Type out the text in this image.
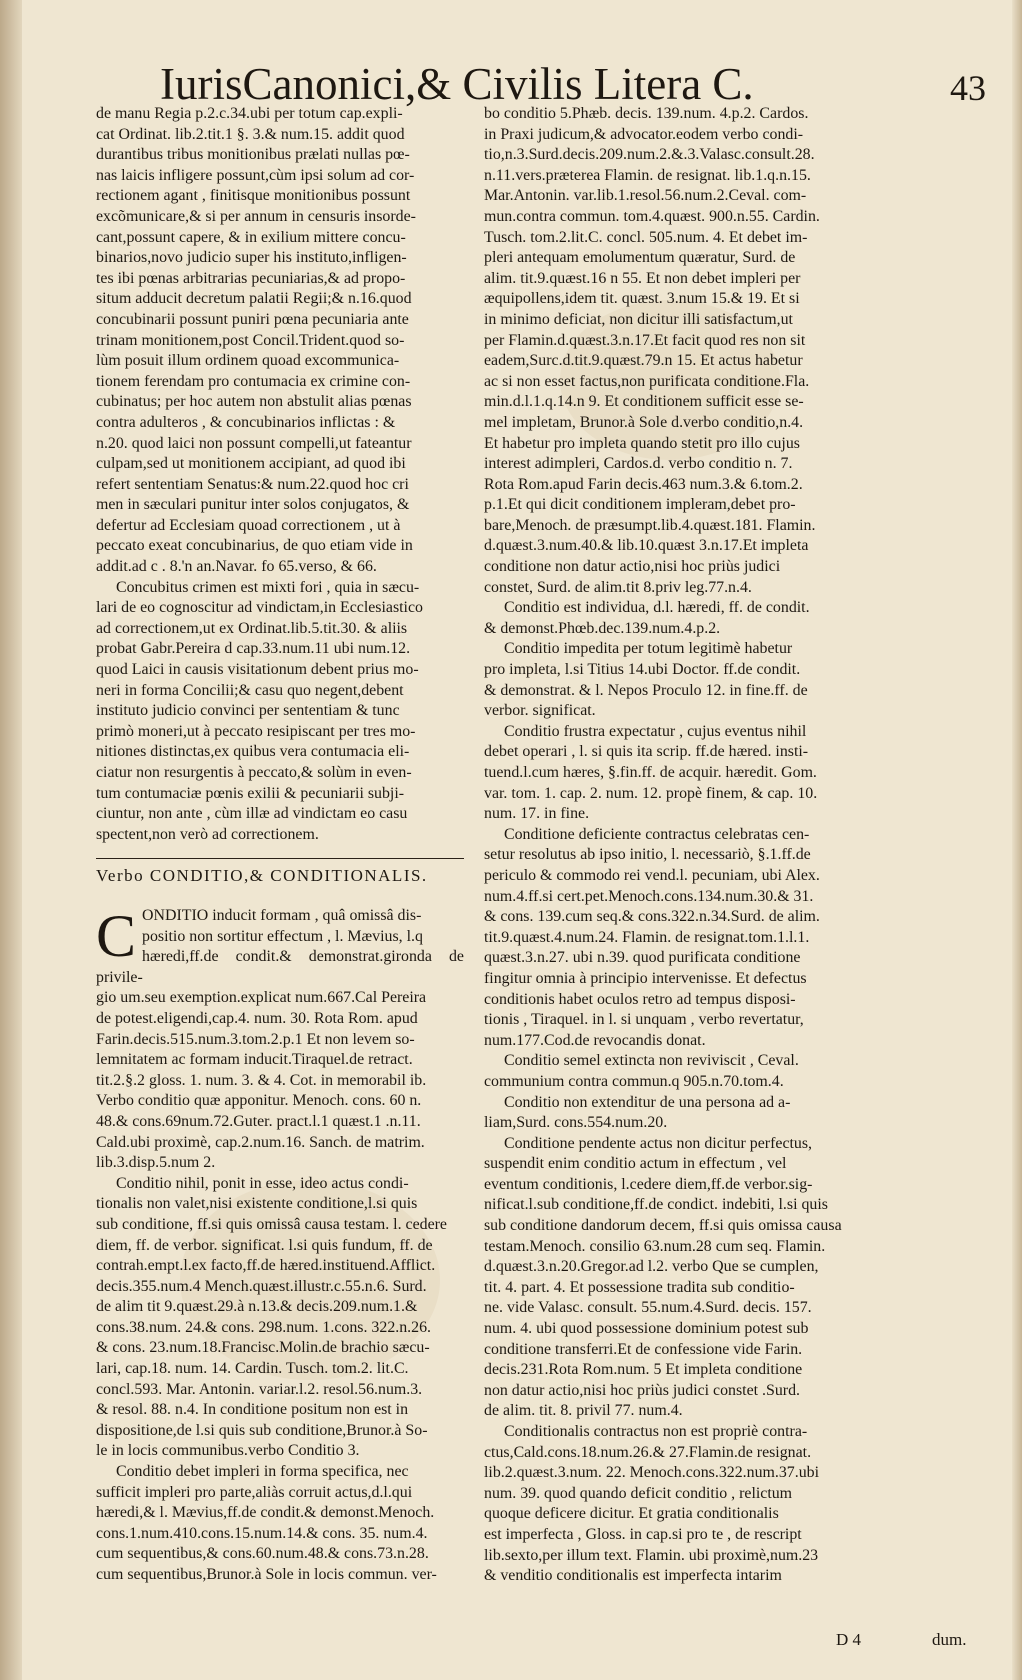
IurisCanonici,& Civilis Litera C.	43

de manu Regia p.2.c.34.ubi per totum cap.expli-
cat Ordinat. lib.2.tit.1 §. 3.& num.15. addit quod
durantibus tribus monitionibus prælati nullas pœ-
nas laicis infligere possunt,cùm ipsi solum ad cor-
rectionem agant , finitisque monitionibus possunt
excõmunicare,& si per annum in censuris insorde-
cant,possunt capere, & in exilium mittere concu-
binarios,novo judicio super his instituto,infligen-
tes ibi pœnas arbitrarias pecuniarias,& ad propo-
situm adducit decretum palatii Regii;& n.16.quod
concubinarii possunt puniri pœna pecuniaria ante
trinam monitionem,post Concil.Trident.quod so-
lùm posuit illum ordinem quoad excommunica-
tionem ferendam pro contumacia ex crimine con-
cubinatus; per hoc autem non abstulit alias pœnas
contra adulteros , & concubinarios inflictas : &
n.20. quod laici non possunt compelli,ut fateantur
culpam,sed ut monitionem accipiant, ad quod ibi
refert sententiam Senatus:& num.22.quod hoc cri
men in sæculari punitur inter solos conjugatos, &
defertur ad Ecclesiam quoad correctionem , ut à
peccato exeat concubinarius, de quo etiam vide in
addit.ad c . 8.'n an.Navar. fo 65.verso, & 66.

Concubitus crimen est mixti fori , quia in sæcu-
lari de eo cognoscitur ad vindictam,in Ecclesiastico
ad correctionem,ut ex Ordinat.lib.5.tit.30. & aliis
probat Gabr.Pereira d cap.33.num.11 ubi num.12.
quod Laici in causis visitationum debent prius mo-
neri in forma Concilii;& casu quo negent,debent
instituto judicio convinci per sententiam & tunc
primò moneri,ut à peccato resipiscant per tres mo-
nitiones distinctas,ex quibus vera contumacia eli-
ciatur non resurgentis à peccato,& solùm in even-
tum contumaciæ pœnis exilii & pecuniarii subji-
ciuntur, non ante , cùm illæ ad vindictam eo casu
spectent,non verò ad correctionem.

Verbo CONDITIO,& CONDITIONALIS.

CONDITIO inducit formam , quâ omissâ dis-
positio non sortitur effectum , l. Mævius, l.q
hæredi,ff.de condit.& demonstrat.gironda de privile-
gio um.seu exemption.explicat num.667.Cal Pereira
de potest.eligendi,cap.4. num. 30. Rota Rom. apud
Farin.decis.515.num.3.tom.2.p.1 Et non levem so-
lemnitatem ac formam inducit.Tiraquel.de retract.
tit.2.§.2 gloss. 1. num. 3. & 4. Cot. in memorabil ib.
Verbo conditio quæ apponitur. Menoch. cons. 60 n.
48.& cons.69num.72.Guter. pract.l.1 quæst.1 .n.11.
Cald.ubi proximè, cap.2.num.16. Sanch. de matrim.
lib.3.disp.5.num 2.

Conditio nihil, ponit in esse, ideo actus condi-
tionalis non valet,nisi existente conditione,l.si quis
sub conditione, ff.si quis omissâ causa testam. l. cedere
diem, ff. de verbor. significat. l.si quis fundum, ff. de
contrah.empt.l.ex facto,ff.de hæred.instituend.Afflict.
decis.355.num.4 Mench.quæst.illustr.c.55.n.6. Surd.
de alim tit 9.quæst.29.à n.13.& decis.209.num.1.&
cons.38.num. 24.& cons. 298.num. 1.cons. 322.n.26.
& cons. 23.num.18.Francisc.Molin.de brachio sæcu-
lari, cap.18. num. 14. Cardin. Tusch. tom.2. lit.C.
concl.593. Mar. Antonin. variar.l.2. resol.56.num.3.
& resol. 88. n.4. In conditione positum non est in
dispositione,de l.si quis sub conditione,Brunor.à So-
le in locis communibus.verbo Conditio 3.

Conditio debet impleri in forma specifica, nec
sufficit impleri pro parte,aliàs corruit actus,d.l.qui
hæredi,& l. Mævius,ff.de condit.& demonst.Menoch.
cons.1.num.410.cons.15.num.14.& cons. 35. num.4.
cum sequentibus,& cons.60.num.48.& cons.73.n.28.
cum sequentibus,Brunor.à Sole in locis commun. ver-

bo conditio 5.Phæb. decis. 139.num. 4.p.2. Cardos.
in Praxi judicum,& advocator.eodem verbo condi-
tio,n.3.Surd.decis.209.num.2.&.3.Valasc.consult.28.
n.11.vers.præterea Flamin. de resignat. lib.1.q.n.15.
Mar.Antonin. var.lib.1.resol.56.num.2.Ceval. com-
mun.contra commun. tom.4.quæst. 900.n.55. Cardin.
Tusch. tom.2.lit.C. concl. 505.num. 4. Et debet im-
pleri antequam emolumentum quæratur, Surd. de
alim. tit.9.quæst.16 n 55. Et non debet impleri per
æquipollens,idem tit. quæst. 3.num 15.& 19. Et si
in minimo deficiat, non dicitur illi satisfactum,ut
per Flamin.d.quæst.3.n.17.Et facit quod res non sit
eadem,Surc.d.tit.9.quæst.79.n 15. Et actus habetur
ac si non esset factus,non purificata conditione.Fla.
min.d.l.1.q.14.n 9. Et conditionem sufficit esse se-
mel impletam, Brunor.à Sole d.verbo conditio,n.4.
Et habetur pro impleta quando stetit pro illo cujus
interest adimpleri, Cardos.d. verbo conditio n. 7.
Rota Rom.apud Farin decis.463 num.3.& 6.tom.2.
p.1.Et qui dicit conditionem impleram,debet pro-
bare,Menoch. de præsumpt.lib.4.quæst.181. Flamin.
d.quæst.3.num.40.& lib.10.quæst 3.n.17.Et impleta
conditione non datur actio,nisi hoc priùs judici
constet, Surd. de alim.tit 8.priv leg.77.n.4.

Conditio est individua, d.l. hæredi, ff. de condit.
& demonst.Phœb.dec.139.num.4.p.2.

Conditio impedita per totum legitimè habetur
pro impleta, l.si Titius 14.ubi Doctor. ff.de condit.
& demonstrat. & l. Nepos Proculo 12. in fine.ff. de
verbor. significat.

Conditio frustra expectatur , cujus eventus nihil
debet operari , l. si quis ita scrip. ff.de hæred. insti-
tuend.l.cum hæres, §.fin.ff. de acquir. hæredit. Gom.
var. tom. 1. cap. 2. num. 12. propè finem, & cap. 10.
num. 17. in fine.

Conditione deficiente contractus celebratas cen-
setur resolutus ab ipso initio, l. necessariò, §.1.ff.de
periculo & commodo rei vend.l. pecuniam, ubi Alex.
num.4.ff.si cert.pet.Menoch.cons.134.num.30.& 31.
& cons. 139.cum seq.& cons.322.n.34.Surd. de alim.
tit.9.quæst.4.num.24. Flamin. de resignat.tom.1.l.1.
quæst.3.n.27. ubi n.39. quod purificata conditione
fingitur omnia à principio intervenisse. Et defectus
conditionis habet oculos retro ad tempus disposi-
tionis , Tiraquel. in l. si unquam , verbo revertatur,
num.177.Cod.de revocandis donat.

Conditio semel extincta non reviviscit , Ceval.
communium contra commun.q 905.n.70.tom.4.

Conditio non extenditur de una persona ad a-
liam,Surd. cons.554.num.20.

Conditione pendente actus non dicitur perfectus,
suspendit enim conditio actum in effectum , vel
eventum conditionis, l.cedere diem,ff.de verbor.sig-
nificat.l.sub conditione,ff.de condict. indebiti, l.si quis
sub conditione dandorum decem, ff.si quis omissa causa
testam.Menoch. consilio 63.num.28 cum seq. Flamin.
d.quæst.3.n.20.Gregor.ad l.2. verbo Que se cumplen,
tit. 4. part. 4. Et possessione tradita sub conditio-
ne. vide Valasc. consult. 55.num.4.Surd. decis. 157.
num. 4. ubi quod possessione dominium potest sub
conditione transferri.Et de confessione vide Farin.
decis.231.Rota Rom.num. 5 Et impleta conditione
non datur actio,nisi hoc priùs judici constet .Surd.
de alim. tit. 8. privil 77. num.4.

Conditionalis contractus non est propriè contra-
ctus,Cald.cons.18.num.26.& 27.Flamin.de resignat.
lib.2.quæst.3.num. 22. Menoch.cons.322.num.37.ubi
num. 39. quod quando deficit conditio , relictum
quoque deficere dicitur. Et gratia conditionalis
est imperfecta , Gloss. in cap.si pro te , de rescript
lib.sexto,per illum text. Flamin. ubi proximè,num.23
& venditio conditionalis est imperfecta intarim

D 4	dum.
